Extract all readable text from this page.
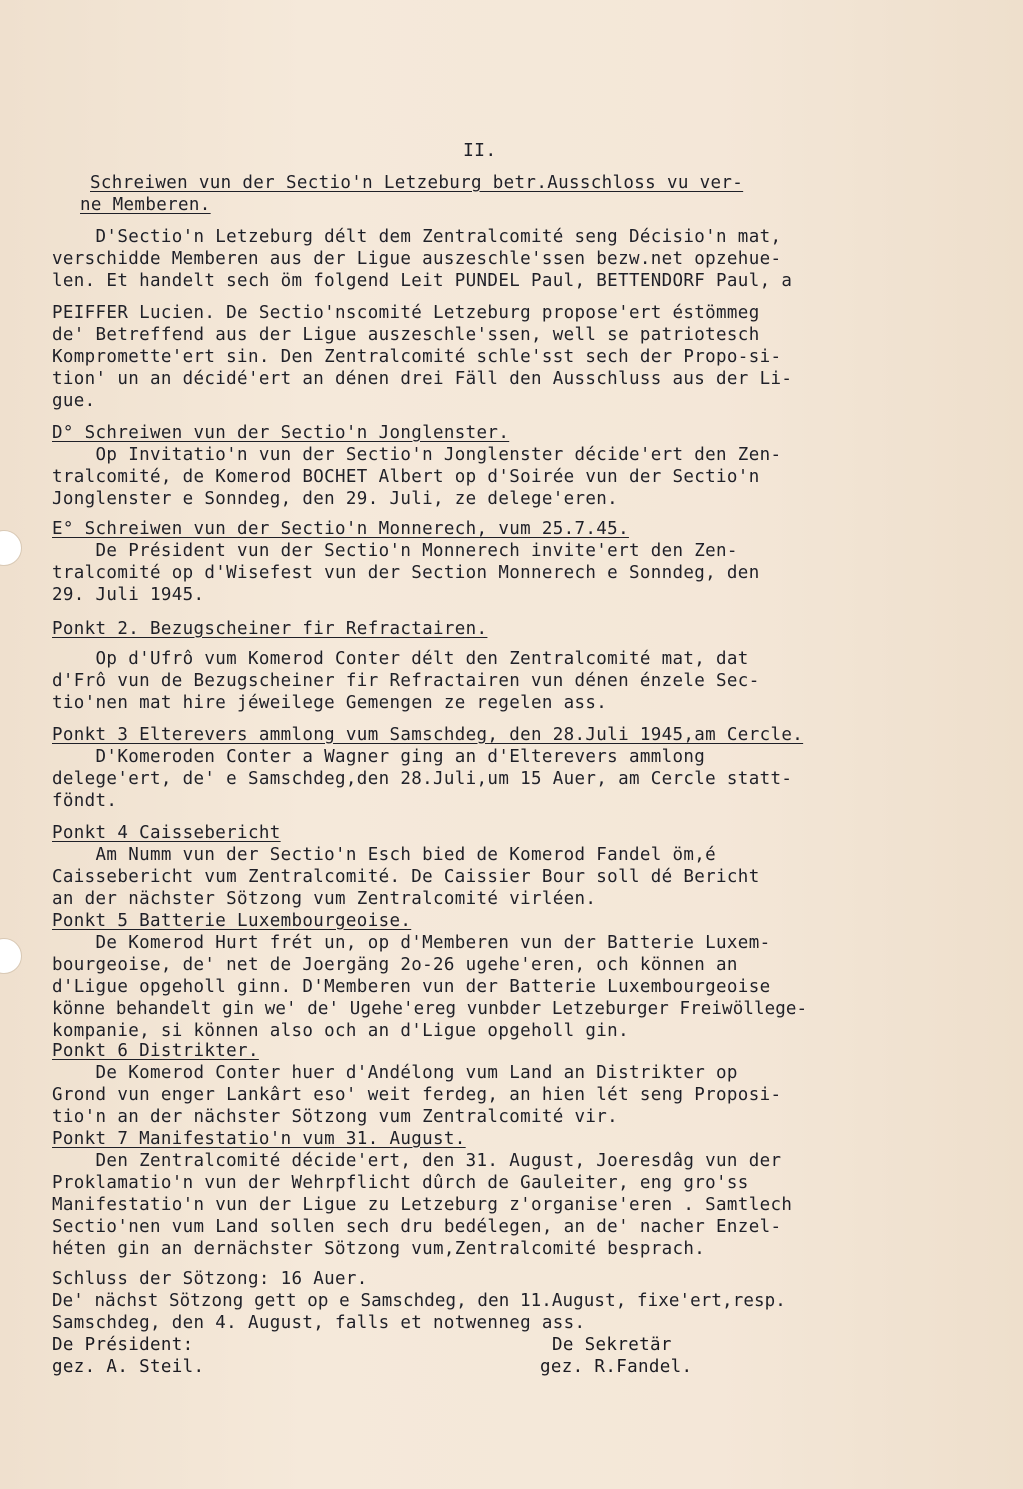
II.
Schreiwen vun der Sectio'n Letzeburg betr.Ausschloss vu ver-
ne Memberen.
D'Sectio'n Letzeburg délt dem Zentralcomité seng Décisio'n mat,
verschidde Memberen aus der Ligue auszeschle'ssen bezw.net opzehue-
len. Et handelt sech öm folgend Leit PUNDEL Paul, BETTENDORF Paul, a
PEIFFER Lucien. De Sectio'nscomité Letzeburg propose'ert éstömmeg
de' Betreffend aus der Ligue auszeschle'ssen, well se patriotesch
Kompromette'ert sin. Den Zentralcomité schle'sst sech der Propo-si-
tion' un an décidé'ert an dénen drei Fäll den Ausschluss aus der Li-
gue.
D° Schreiwen vun der Sectio'n Jonglenster.
Op Invitatio'n vun der Sectio'n Jonglenster décide'ert den Zen-
tralcomité, de Komerod BOCHET Albert op d'Soirée vun der Sectio'n
Jonglenster e Sonndeg, den 29. Juli, ze delege'eren.
E° Schreiwen vun der Sectio'n Monnerech, vum 25.7.45.
De Président vun der Sectio'n Monnerech invite'ert den Zen-
tralcomité op d'Wisefest vun der Section Monnerech e Sonndeg, den
29. Juli 1945.
Ponkt 2. Bezugscheiner fir Refractairen.
Op d'Ufrô vum Komerod Conter délt den Zentralcomité mat, dat
d'Frô vun de Bezugscheiner fir Refractairen vun dénen énzele Sec-
tio'nen mat hire jéweilege Gemengen ze regelen ass.
Ponkt 3 Elterevers ammlong vum Samschdeg, den 28.Juli 1945,am Cercle.
D'Komeroden Conter a Wagner ging an d'Elterevers ammlong
delege'ert, de' e Samschdeg,den 28.Juli,um 15 Auer, am Cercle statt-
föndt.
Ponkt 4 Caissebericht
Am Numm vun der Sectio'n Esch bied de Komerod Fandel öm,é
Caissebericht vum Zentralcomité. De Caissier Bour soll dé Bericht
an der nächster Sötzong vum Zentralcomité virléen.
Ponkt 5 Batterie Luxembourgeoise.
De Komerod Hurt frét un, op d'Memberen vun der Batterie Luxem-
bourgeoise, de' net de Joergäng 2o-26 ugehe'eren, och können an
d'Ligue opgeholl ginn. D'Memberen vun der Batterie Luxembourgeoise
könne behandelt gin we' de' Ugehe'ereg vunbder Letzeburger Freiwöllege-
kompanie, si können also och an d'Ligue opgeholl gin.
Ponkt 6 Distrikter.
De Komerod Conter huer d'Andélong vum Land an Distrikter op
Grond vun enger Lankârt eso' weit ferdeg, an hien lét seng Proposi-
tio'n an der nächster Sötzong vum Zentralcomité vir.
Ponkt 7 Manifestatio'n vum 31. August.
Den Zentralcomité décide'ert, den 31. August, Joeresdâg vun der
Proklamatio'n vun der Wehrpflicht dûrch de Gauleiter, eng gro'ss
Manifestatio'n vun der Ligue zu Letzeburg z'organise'eren . Samtlech
Sectio'nen vum Land sollen sech dru bedélegen, an de' nacher Enzel-
héten gin an dernächster Sötzong vum,Zentralcomité besprach.
Schluss der Sötzong: 16 Auer.
De' nächst Sötzong gett op e Samschdeg, den 11.August, fixe'ert,resp.
Samschdeg, den 4. August, falls et notwenneg ass.
De Président:
gez. A. Steil.
De Sekretär
gez. R.Fandel.
